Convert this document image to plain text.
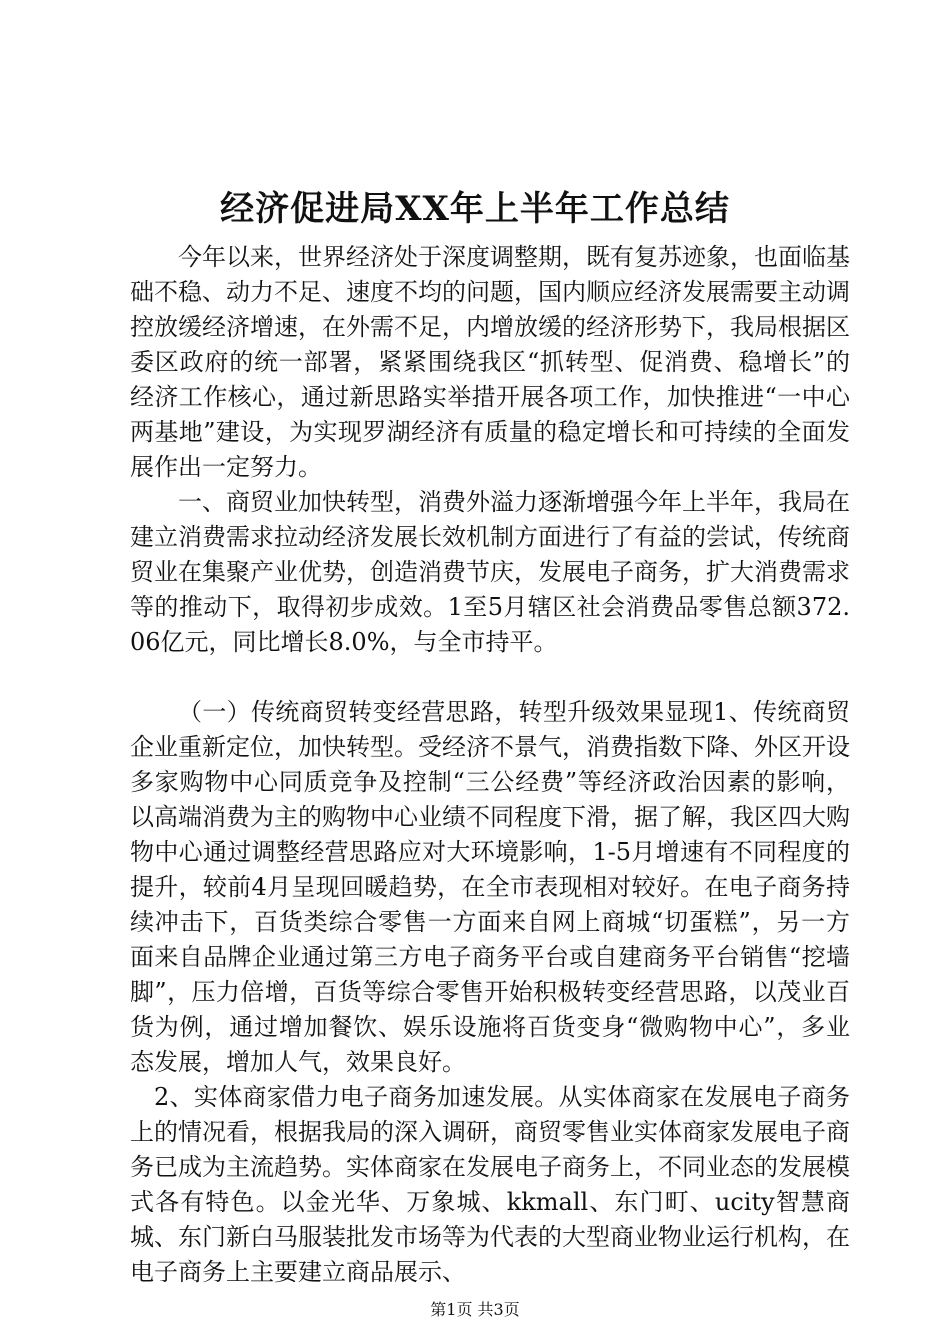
经济促进局XX年上半年工作总结

今年以来，世界经济处于深度调整期，既有复苏迹象，也面临基础不稳、动力不足、速度不均的问题，国内顺应经济发展需要主动调控放缓经济增速，在外需不足，内增放缓的经济形势下，我局根据区委区政府的统一部署，紧紧围绕我区“抓转型、促消费、稳增长”的经济工作核心，通过新思路实举措开展各项工作，加快推进“一中心两基地”建设，为实现罗湖经济有质量的稳定增长和可持续的全面发展作出一定努力。

一、商贸业加快转型，消费外溢力逐渐增强今年上半年，我局在建立消费需求拉动经济发展长效机制方面进行了有益的尝试，传统商贸业在集聚产业优势，创造消费节庆，发展电子商务，扩大消费需求等的推动下，取得初步成效。1至5月辖区社会消费品零售总额372.06亿元，同比增长8.0%，与全市持平。

（一）传统商贸转变经营思路，转型升级效果显现1、传统商贸企业重新定位，加快转型。受经济不景气，消费指数下降、外区开设多家购物中心同质竞争及控制“三公经费”等经济政治因素的影响，以高端消费为主的购物中心业绩不同程度下滑，据了解，我区四大购物中心通过调整经营思路应对大环境影响，1-5月增速有不同程度的提升，较前4月呈现回暖趋势，在全市表现相对较好。在电子商务持续冲击下，百货类综合零售一方面来自网上商城“切蛋糕”，另一方面来自品牌企业通过第三方电子商务平台或自建商务平台销售“挖墙脚”，压力倍增，百货等综合零售开始积极转变经营思路，以茂业百货为例，通过增加餐饮、娱乐设施将百货变身“微购物中心”，多业态发展，增加人气，效果良好。

2、实体商家借力电子商务加速发展。从实体商家在发展电子商务上的情况看，根据我局的深入调研，商贸零售业实体商家发展电子商务已成为主流趋势。实体商家在发展电子商务上，不同业态的发展模式各有特色。以金光华、万象城、kkmall、东门町、ucity智慧商城、东门新白马服装批发市场等为代表的大型商业物业运行机构，在电子商务上主要建立商品展示、

第1页 共3页
